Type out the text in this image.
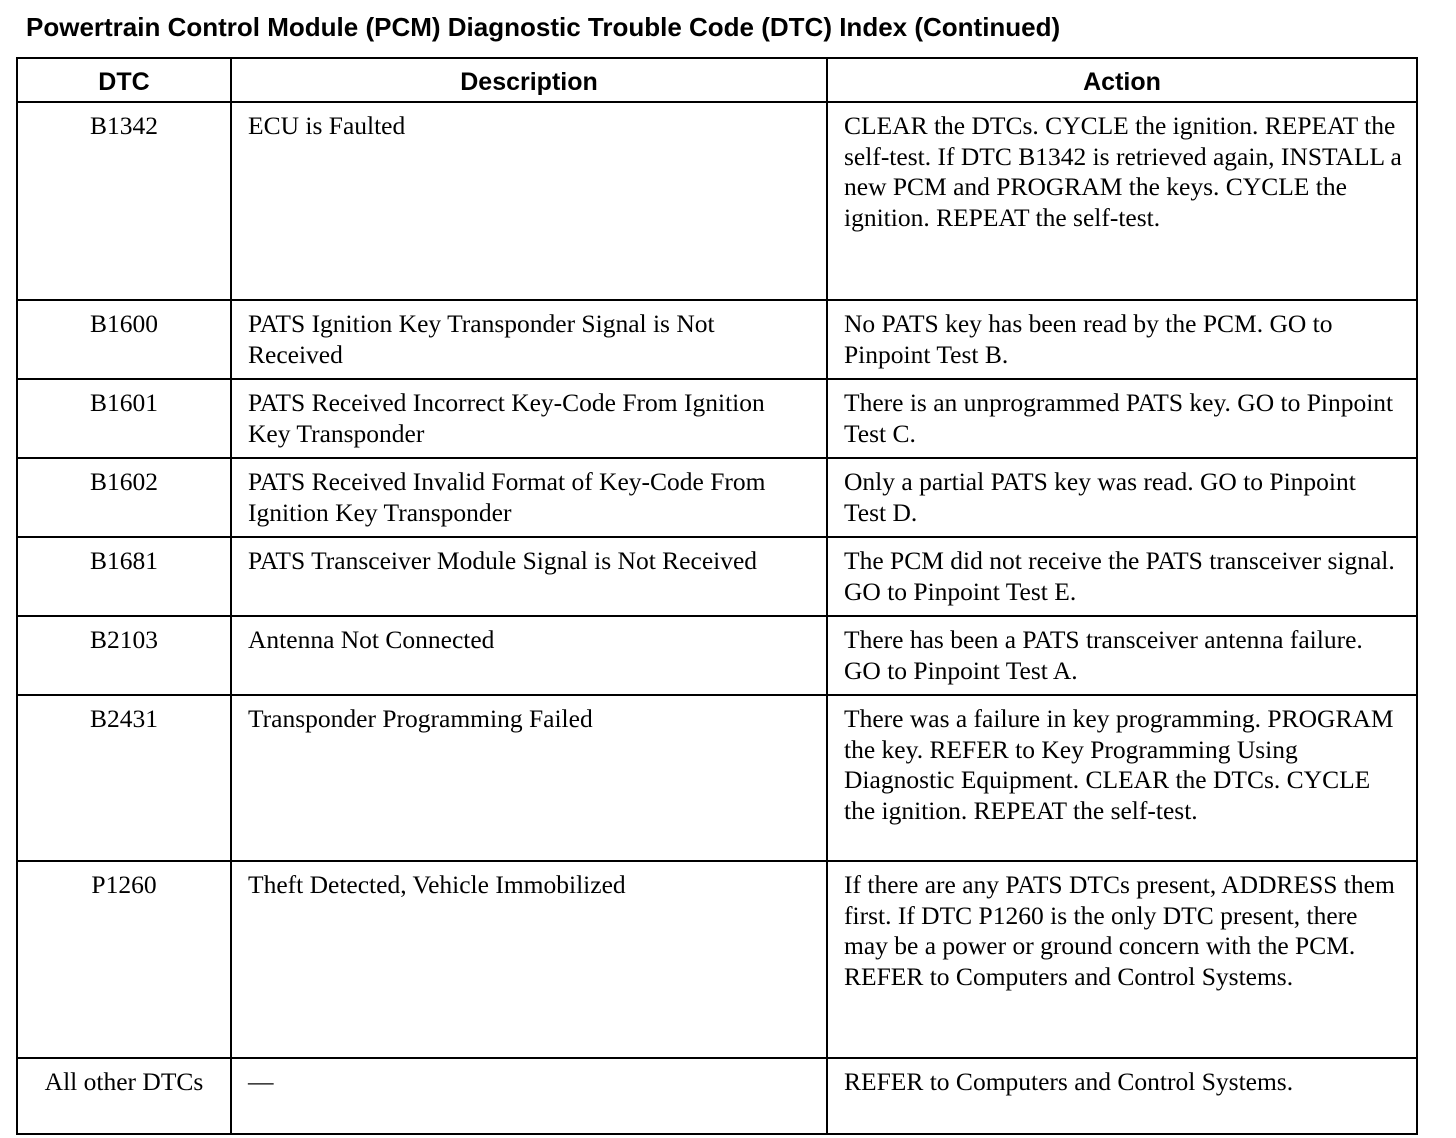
Powertrain Control Module (PCM) Diagnostic Trouble Code (DTC) Index (Continued)
DTC	Description	Action
B1342	ECU is Faulted	CLEAR the DTCs. CYCLE the ignition. REPEAT the self-test. If DTC B1342 is retrieved again, INSTALL a new PCM and PROGRAM the keys. CYCLE the ignition. REPEAT the self-test.
B1600	PATS Ignition Key Transponder Signal is Not Received	No PATS key has been read by the PCM. GO to Pinpoint Test B.
B1601	PATS Received Incorrect Key-Code From Ignition Key Transponder	There is an unprogrammed PATS key. GO to Pinpoint Test C.
B1602	PATS Received Invalid Format of Key-Code From Ignition Key Transponder	Only a partial PATS key was read. GO to Pinpoint Test D.
B1681	PATS Transceiver Module Signal is Not Received	The PCM did not receive the PATS transceiver signal. GO to Pinpoint Test E.
B2103	Antenna Not Connected	There has been a PATS transceiver antenna failure. GO to Pinpoint Test A.
B2431	Transponder Programming Failed	There was a failure in key programming. PROGRAM the key. REFER to Key Programming Using Diagnostic Equipment. CLEAR the DTCs. CYCLE the ignition. REPEAT the self-test.
P1260	Theft Detected, Vehicle Immobilized	If there are any PATS DTCs present, ADDRESS them first. If DTC P1260 is the only DTC present, there may be a power or ground concern with the PCM. REFER to Computers and Control Systems.
All other DTCs	—	REFER to Computers and Control Systems.
